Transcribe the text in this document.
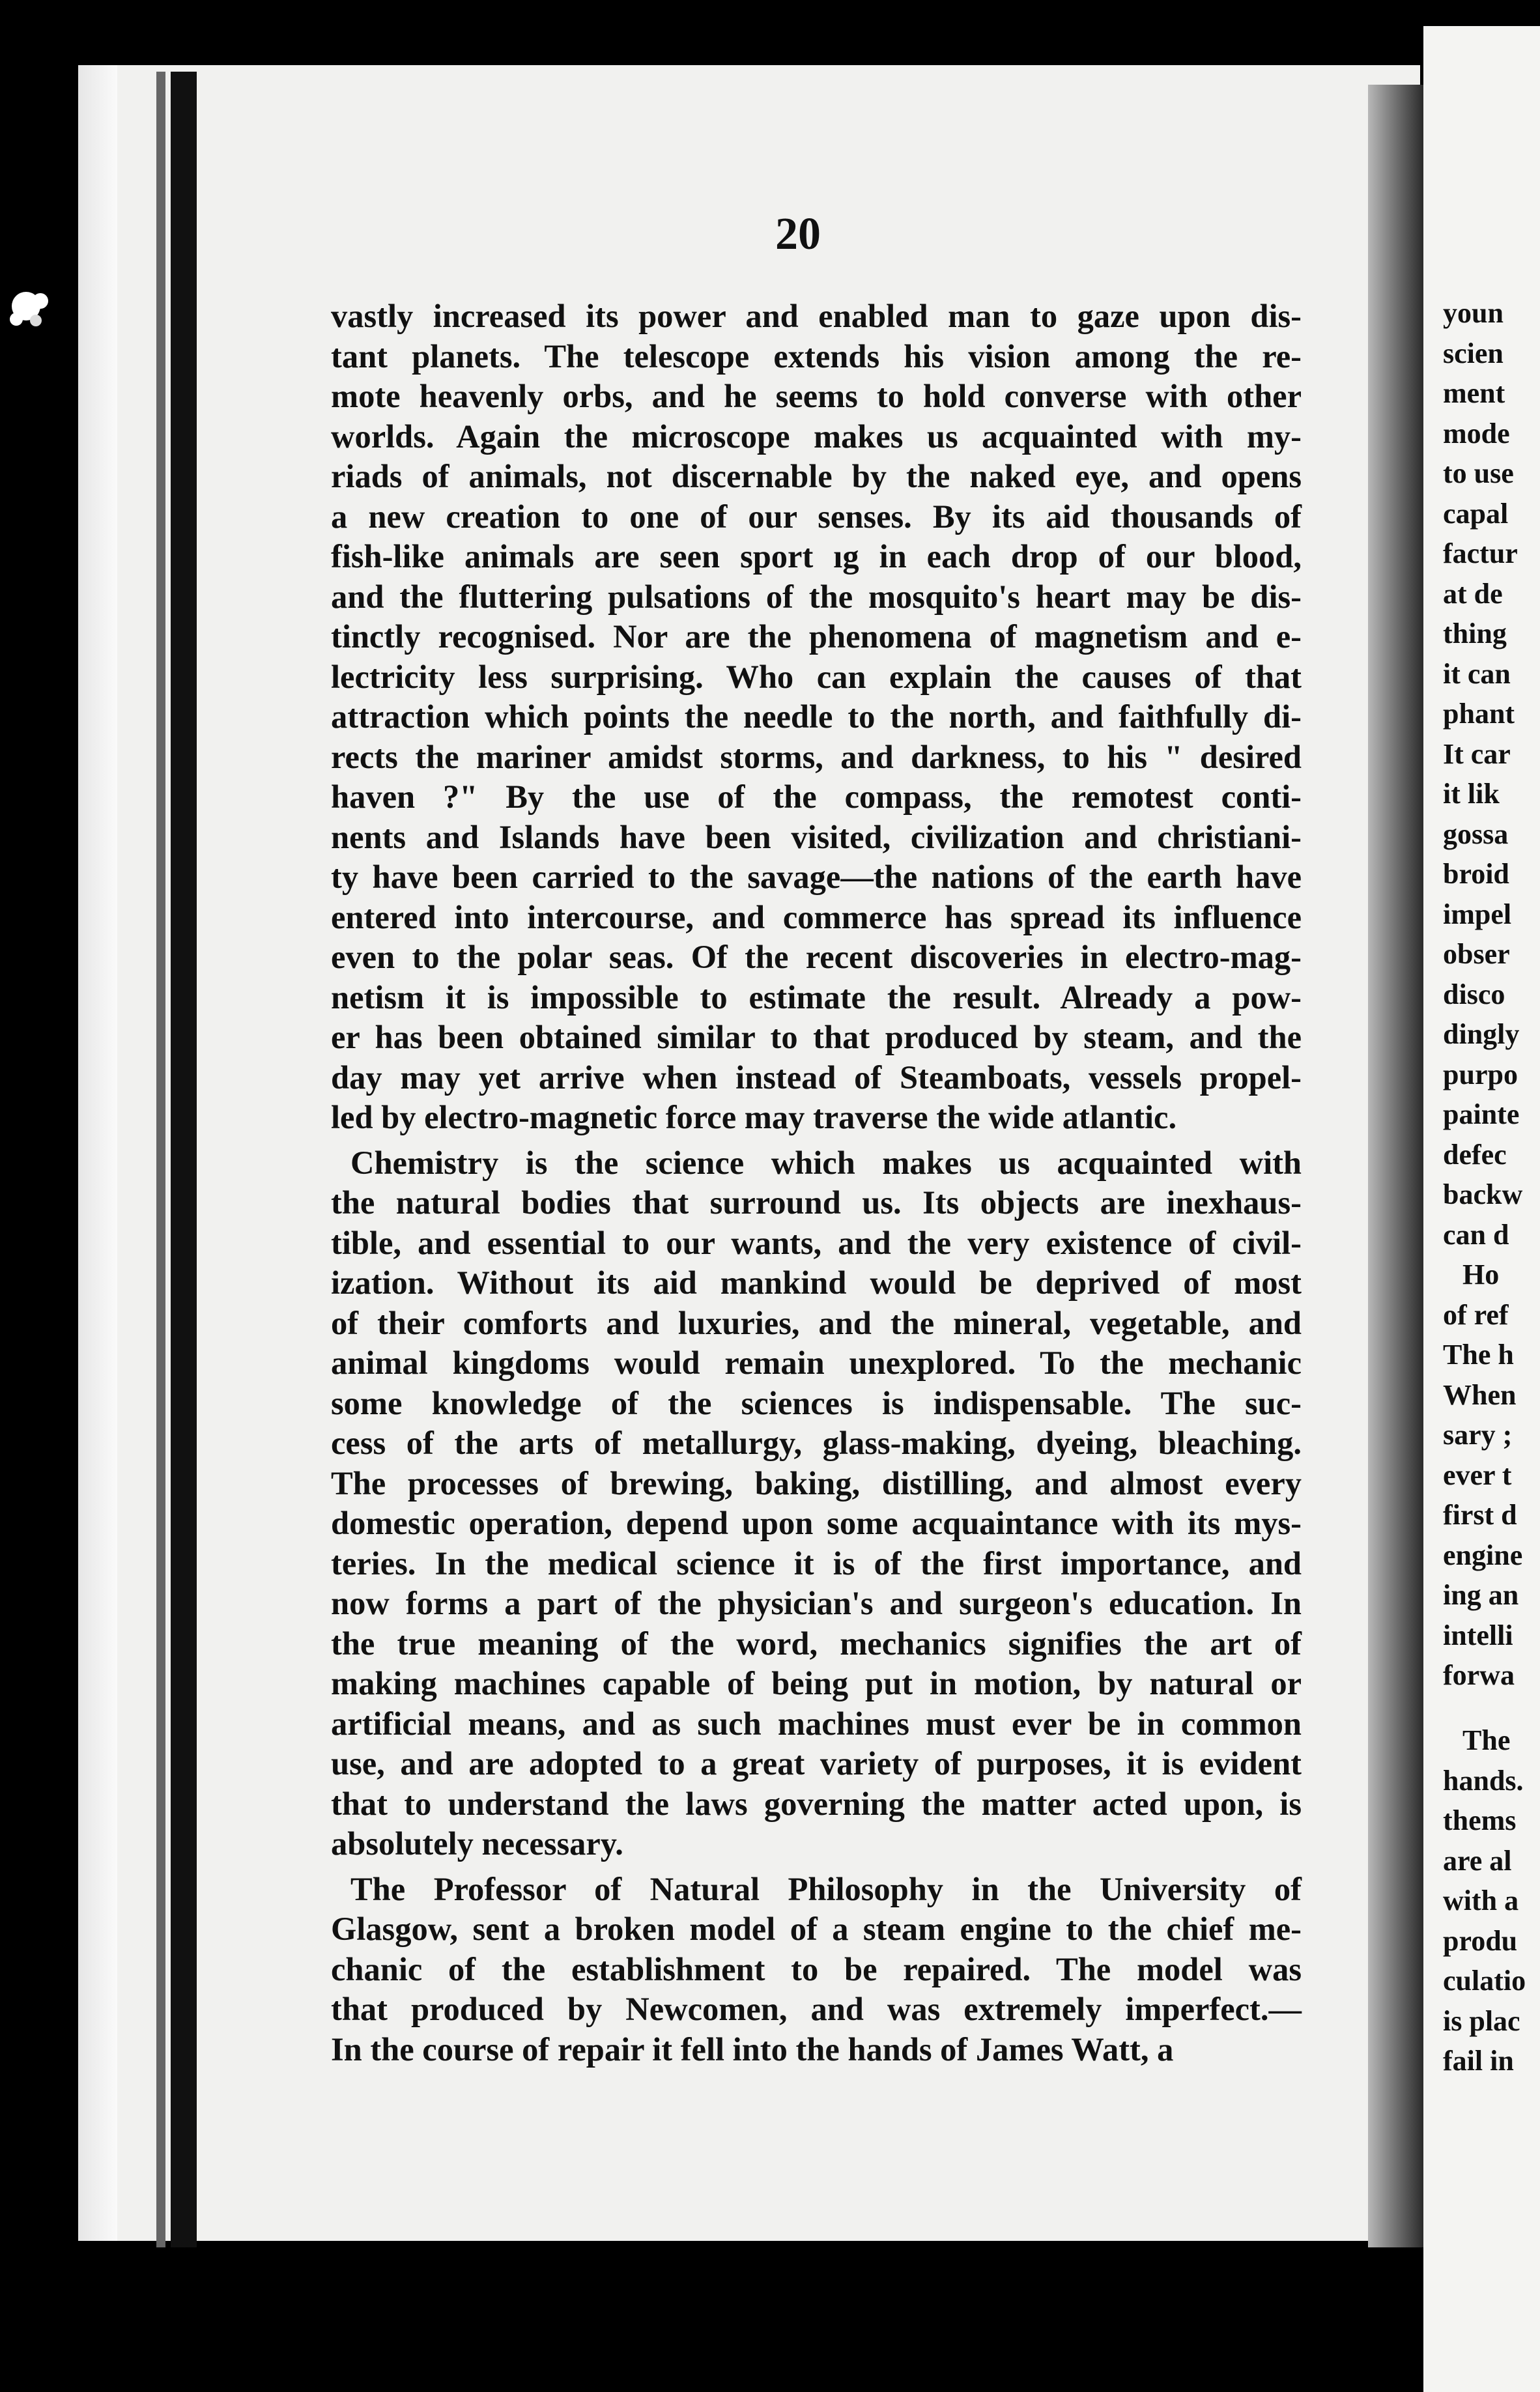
youn
scien
ment
mode
to use
capal
factur
at de
thing
it can
phant
It car
it lik
gossa
broid
impel
obser
disco
dingly
purpo
painte
defec
backw
can d
Ho
of ref
The h
When
sary ;
ever t
first d
engine
ing an
intelli
forwa
The
hands.
thems
are al
with a
produ
culatio
is plac
fail in
20
vastly increased its power and enabled man to gaze upon dis-
tant planets. The telescope extends his vision among the re-
mote heavenly orbs, and he seems to hold converse with other
worlds. Again the microscope makes us acquainted with my-
riads of animals, not discernable by the naked eye, and opens
a new creation to one of our senses. By its aid thousands of
fish-like animals are seen sport ıg in each drop of our blood,
and the fluttering pulsations of the mosquito's heart may be dis-
tinctly recognised. Nor are the phenomena of magnetism and e-
lectricity less surprising. Who can explain the causes of that
attraction which points the needle to the north, and faithfully di-
rects the mariner amidst storms, and darkness, to his " desired
haven ?" By the use of the compass, the remotest conti-
nents and Islands have been visited, civilization and christiani-
ty have been carried to the savage—the nations of the earth have
entered into intercourse, and commerce has spread its influence
even to the polar seas. Of the recent discoveries in electro-mag-
netism it is impossible to estimate the result. Already a pow-
er has been obtained similar to that produced by steam, and the
day may yet arrive when instead of Steamboats, vessels propel-
led by electro-magnetic force may traverse the wide atlantic.
Chemistry is the science which makes us acquainted with
the natural bodies that surround us. Its objects are inexhaus-
tible, and essential to our wants, and the very existence of civil-
ization. Without its aid mankind would be deprived of most
of their comforts and luxuries, and the mineral, vegetable, and
animal kingdoms would remain unexplored. To the mechanic
some knowledge of the sciences is indispensable. The suc-
cess of the arts of metallurgy, glass-making, dyeing, bleaching.
The processes of brewing, baking, distilling, and almost every
domestic operation, depend upon some acquaintance with its mys-
teries. In the medical science it is of the first importance, and
now forms a part of the physician's and surgeon's education. In
the true meaning of the word, mechanics signifies the art of
making machines capable of being put in motion, by natural or
artificial means, and as such machines must ever be in common
use, and are adopted to a great variety of purposes, it is evident
that to understand the laws governing the matter acted upon, is
absolutely necessary.
The Professor of Natural Philosophy in the University of
Glasgow, sent a broken model of a steam engine to the chief me-
chanic of the establishment to be repaired. The model was
that produced by Newcomen, and was extremely imperfect.—
In the course of repair it fell into the hands of James Watt, a
